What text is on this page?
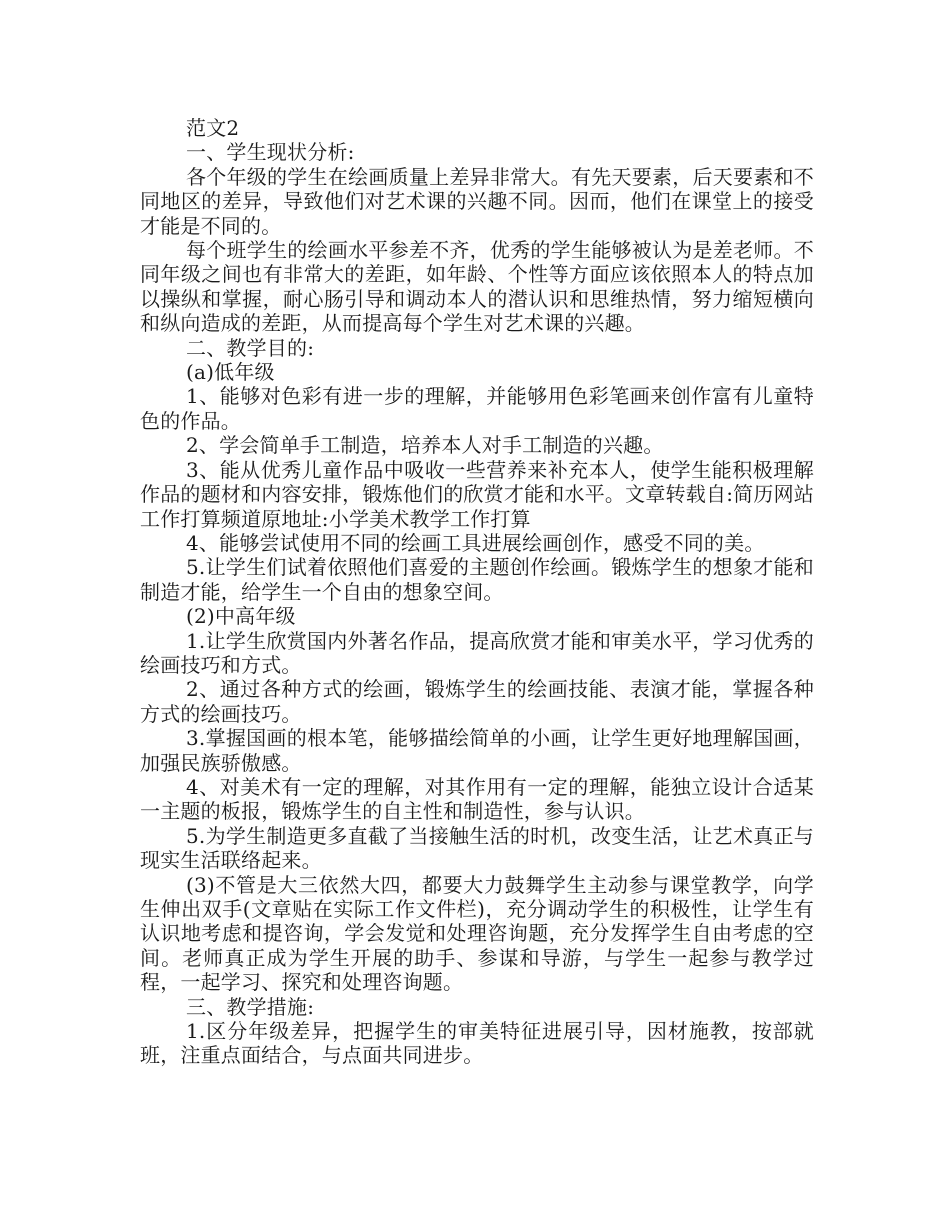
范文2

一、学生现状分析:

各个年级的学生在绘画质量上差异非常大。有先天要素，后天要素和不同地区的差异，导致他们对艺术课的兴趣不同。因而，他们在课堂上的接受才能是不同的。

每个班学生的绘画水平参差不齐，优秀的学生能够被认为是差老师。不同年级之间也有非常大的差距，如年龄、个性等方面应该依照本人的特点加以操纵和掌握，耐心肠引导和调动本人的潜认识和思维热情，努力缩短横向和纵向造成的差距，从而提高每个学生对艺术课的兴趣。

二、教学目的:

(a)低年级

1、能够对色彩有进一步的理解，并能够用色彩笔画来创作富有儿童特色的作品。

2、学会简单手工制造，培养本人对手工制造的兴趣。

3、能从优秀儿童作品中吸收一些营养来补充本人，使学生能积极理解作品的题材和内容安排，锻炼他们的欣赏才能和水平。文章转载自:简历网站工作打算频道原地址:小学美术教学工作打算

4、能够尝试使用不同的绘画工具进展绘画创作，感受不同的美。

5.让学生们试着依照他们喜爱的主题创作绘画。锻炼学生的想象才能和制造才能，给学生一个自由的想象空间。

(2)中高年级

1.让学生欣赏国内外著名作品，提高欣赏才能和审美水平，学习优秀的绘画技巧和方式。

2、通过各种方式的绘画，锻炼学生的绘画技能、表演才能，掌握各种方式的绘画技巧。

3.掌握国画的根本笔，能够描绘简单的小画，让学生更好地理解国画，加强民族骄傲感。

4、对美术有一定的理解，对其作用有一定的理解，能独立设计合适某一主题的板报，锻炼学生的自主性和制造性，参与认识。

5.为学生制造更多直截了当接触生活的时机，改变生活，让艺术真正与现实生活联络起来。

(3)不管是大三依然大四，都要大力鼓舞学生主动参与课堂教学，向学生伸出双手(文章贴在实际工作文件栏)，充分调动学生的积极性，让学生有认识地考虑和提咨询，学会发觉和处理咨询题，充分发挥学生自由考虑的空间。老师真正成为学生开展的助手、参谋和导游，与学生一起参与教学过程，一起学习、探究和处理咨询题。

三、教学措施:

1.区分年级差异，把握学生的审美特征进展引导，因材施教，按部就班，注重点面结合，与点面共同进步。
